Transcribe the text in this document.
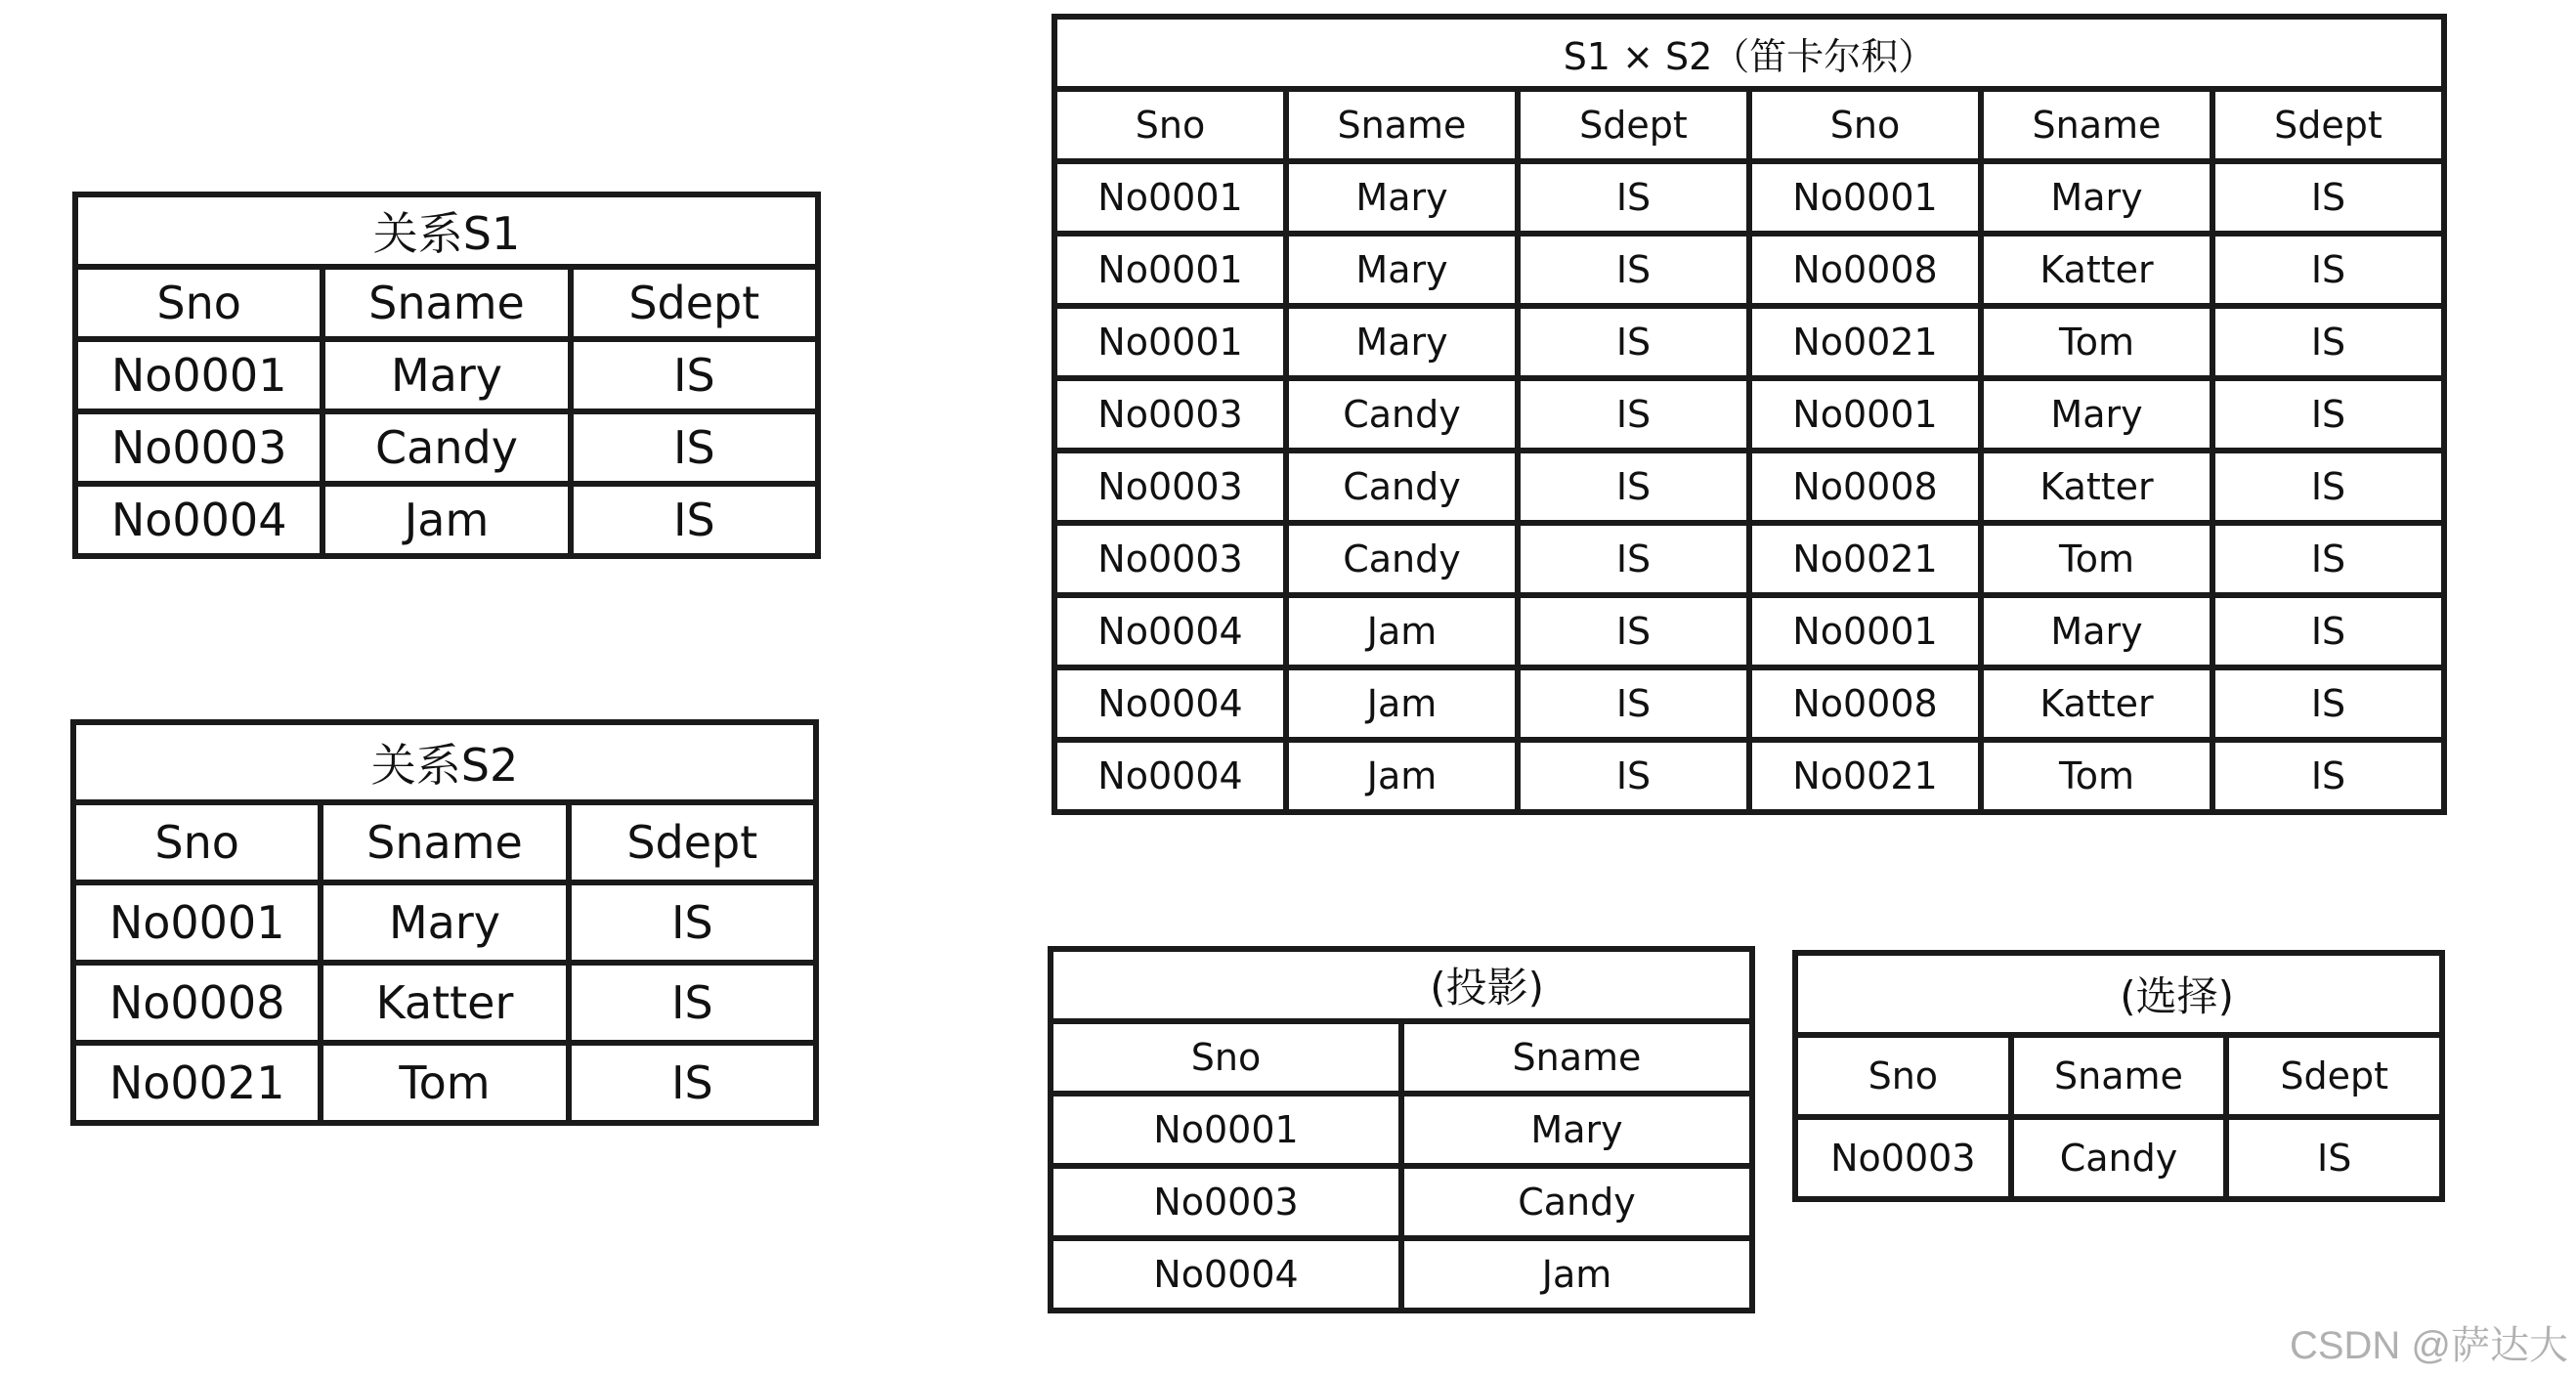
关系S1		
Sno	Sname	Sdept
No0001	Mary	IS
No0003	Candy	IS
No0004	Jam	IS
关系S2		
Sno	Sname	Sdept
No0001	Mary	IS
No0008	Katter	IS
No0021	Tom	IS
S1 × S2（笛卡尔积）					
Sno	Sname	Sdept	Sno	Sname	Sdept
No0001	Mary	IS	No0001	Mary	IS
No0001	Mary	IS	No0008	Katter	IS
No0001	Mary	IS	No0021	Tom	IS
No0003	Candy	IS	No0001	Mary	IS
No0003	Candy	IS	No0008	Katter	IS
No0003	Candy	IS	No0021	Tom	IS
No0004	Jam	IS	No0001	Mary	IS
No0004	Jam	IS	No0008	Katter	IS
No0004	Jam	IS	No0021	Tom	IS
(投影)	
Sno	Sname
No0001	Mary
No0003	Candy
No0004	Jam
(选择)		
Sno	Sname	Sdept
No0003	Candy	IS
CSDN @萨达大
